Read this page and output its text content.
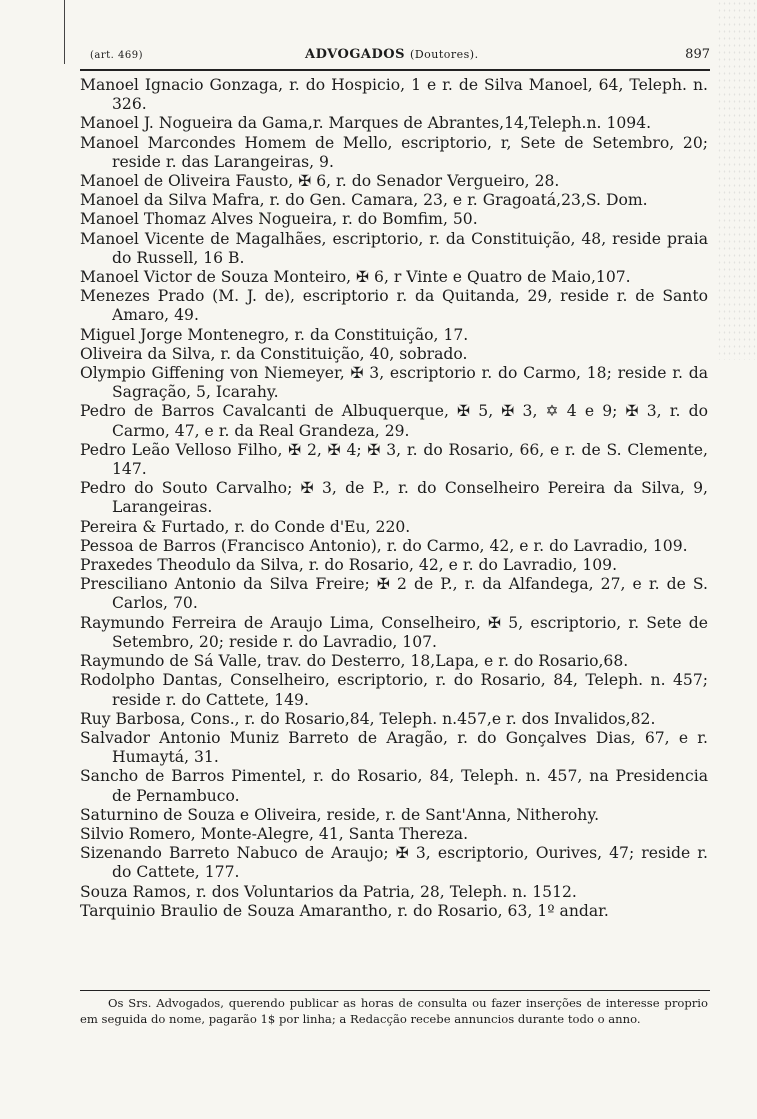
(art. 469)	ADVOGADOS (Doutores).	897

Manoel Ignacio Gonzaga, r. do Hospicio, 1 e r. de Silva Manoel, 64, Teleph. n. 326.

Manoel J. Nogueira da Gama,r. Marques de Abrantes,14,Teleph.n. 1094.

Manoel Marcondes Homem de Mello, escriptorio, r, Sete de Setembro, 20; reside r. das Larangeiras, 9.

Manoel de Oliveira Fausto, ✠ 6, r. do Senador Vergueiro, 28.

Manoel da Silva Mafra, r. do Gen. Camara, 23, e r. Gragoatá,23,S. Dom.

Manoel Thomaz Alves Nogueira, r. do Bomfim, 50.

Manoel Vicente de Magalhães, escriptorio, r. da Constituição, 48, reside praia do Russell, 16 B.

Manoel Victor de Souza Monteiro, ✠ 6, r Vinte e Quatro de Maio,107.

Menezes Prado (M. J. de), escriptorio r. da Quitanda, 29, reside r. de Santo Amaro, 49.

Miguel Jorge Montenegro, r. da Constituição, 17.

Oliveira da Silva, r. da Constituição, 40, sobrado.

Olympio Giffening von Niemeyer, ✠ 3, escriptorio r. do Carmo, 18; reside r. da Sagração, 5, Icarahy.

Pedro de Barros Cavalcanti de Albuquerque, ✠ 5, ✠ 3, ✡ 4 e 9; ✠ 3, r. do Carmo, 47, e r. da Real Grandeza, 29.

Pedro Leão Velloso Filho, ✠ 2, ✠ 4; ✠ 3, r. do Rosario, 66, e r. de S. Clemente, 147.

Pedro do Souto Carvalho; ✠ 3, de P., r. do Conselheiro Pereira da Silva, 9, Larangeiras.

Pereira & Furtado, r. do Conde d'Eu, 220.

Pessoa de Barros (Francisco Antonio), r. do Carmo, 42, e r. do Lavradio, 109.

Praxedes Theodulo da Silva, r. do Rosario, 42, e r. do Lavradio, 109.

Presciliano Antonio da Silva Freire; ✠ 2 de P., r. da Alfandega, 27, e r. de S. Carlos, 70.

Raymundo Ferreira de Araujo Lima, Conselheiro, ✠ 5, escriptorio, r. Sete de Setembro, 20; reside r. do Lavradio, 107.

Raymundo de Sá Valle, trav. do Desterro, 18,Lapa, e r. do Rosario,68.

Rodolpho Dantas, Conselheiro, escriptorio, r. do Rosario, 84, Teleph. n. 457; reside r. do Cattete, 149.

Ruy Barbosa, Cons., r. do Rosario,84, Teleph. n.457,e r. dos Invalidos,82.

Salvador Antonio Muniz Barreto de Aragão, r. do Gonçalves Dias, 67, e r. Humaytá, 31.

Sancho de Barros Pimentel, r. do Rosario, 84, Teleph. n. 457, na Presidencia de Pernambuco.

Saturnino de Souza e Oliveira, reside, r. de Sant'Anna, Nitherohy.

Silvio Romero, Monte-Alegre, 41, Santa Thereza.

Sizenando Barreto Nabuco de Araujo; ✠ 3, escriptorio, Ourives, 47; reside r. do Cattete, 177.

Souza Ramos, r. dos Voluntarios da Patria, 28, Teleph. n. 1512.

Tarquinio Braulio de Souza Amarantho, r. do Rosario, 63, 1º andar.

Os Srs. Advogados, querendo publicar as horas de consulta ou fazer inserções de interesse proprio em seguida do nome, pagarão 1$ por linha; a Redacção recebe annuncios durante todo o anno.
